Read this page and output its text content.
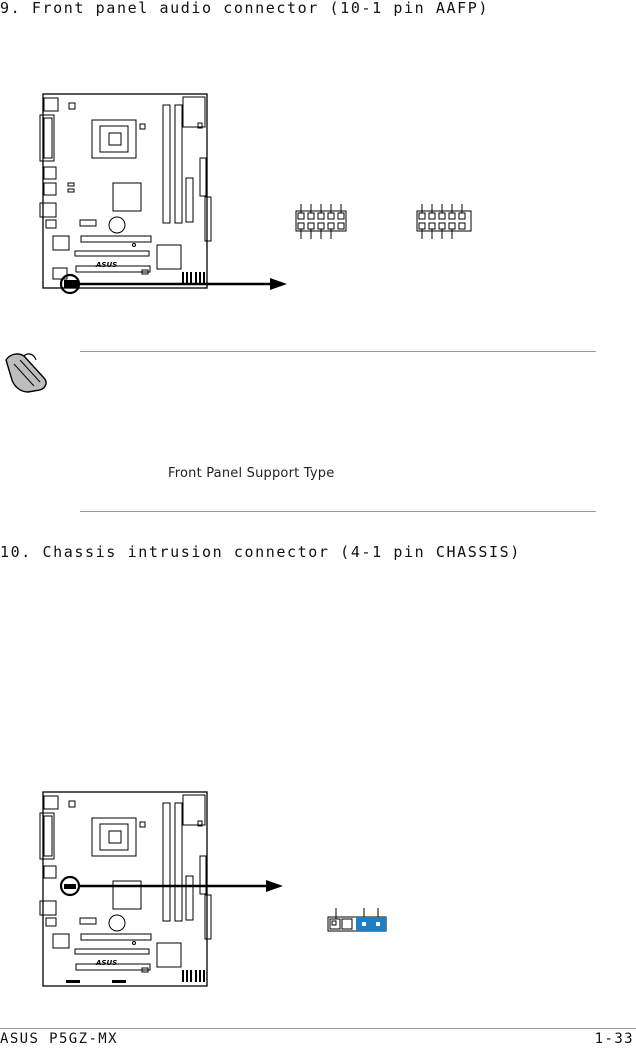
9. Front panel audio connector (10-1 pin AAFP)
ASUS
Front Panel Support Type
10. Chassis intrusion connector (4-1 pin CHASSIS)
ASUS
ASUS P5GZ-MX	1-33
